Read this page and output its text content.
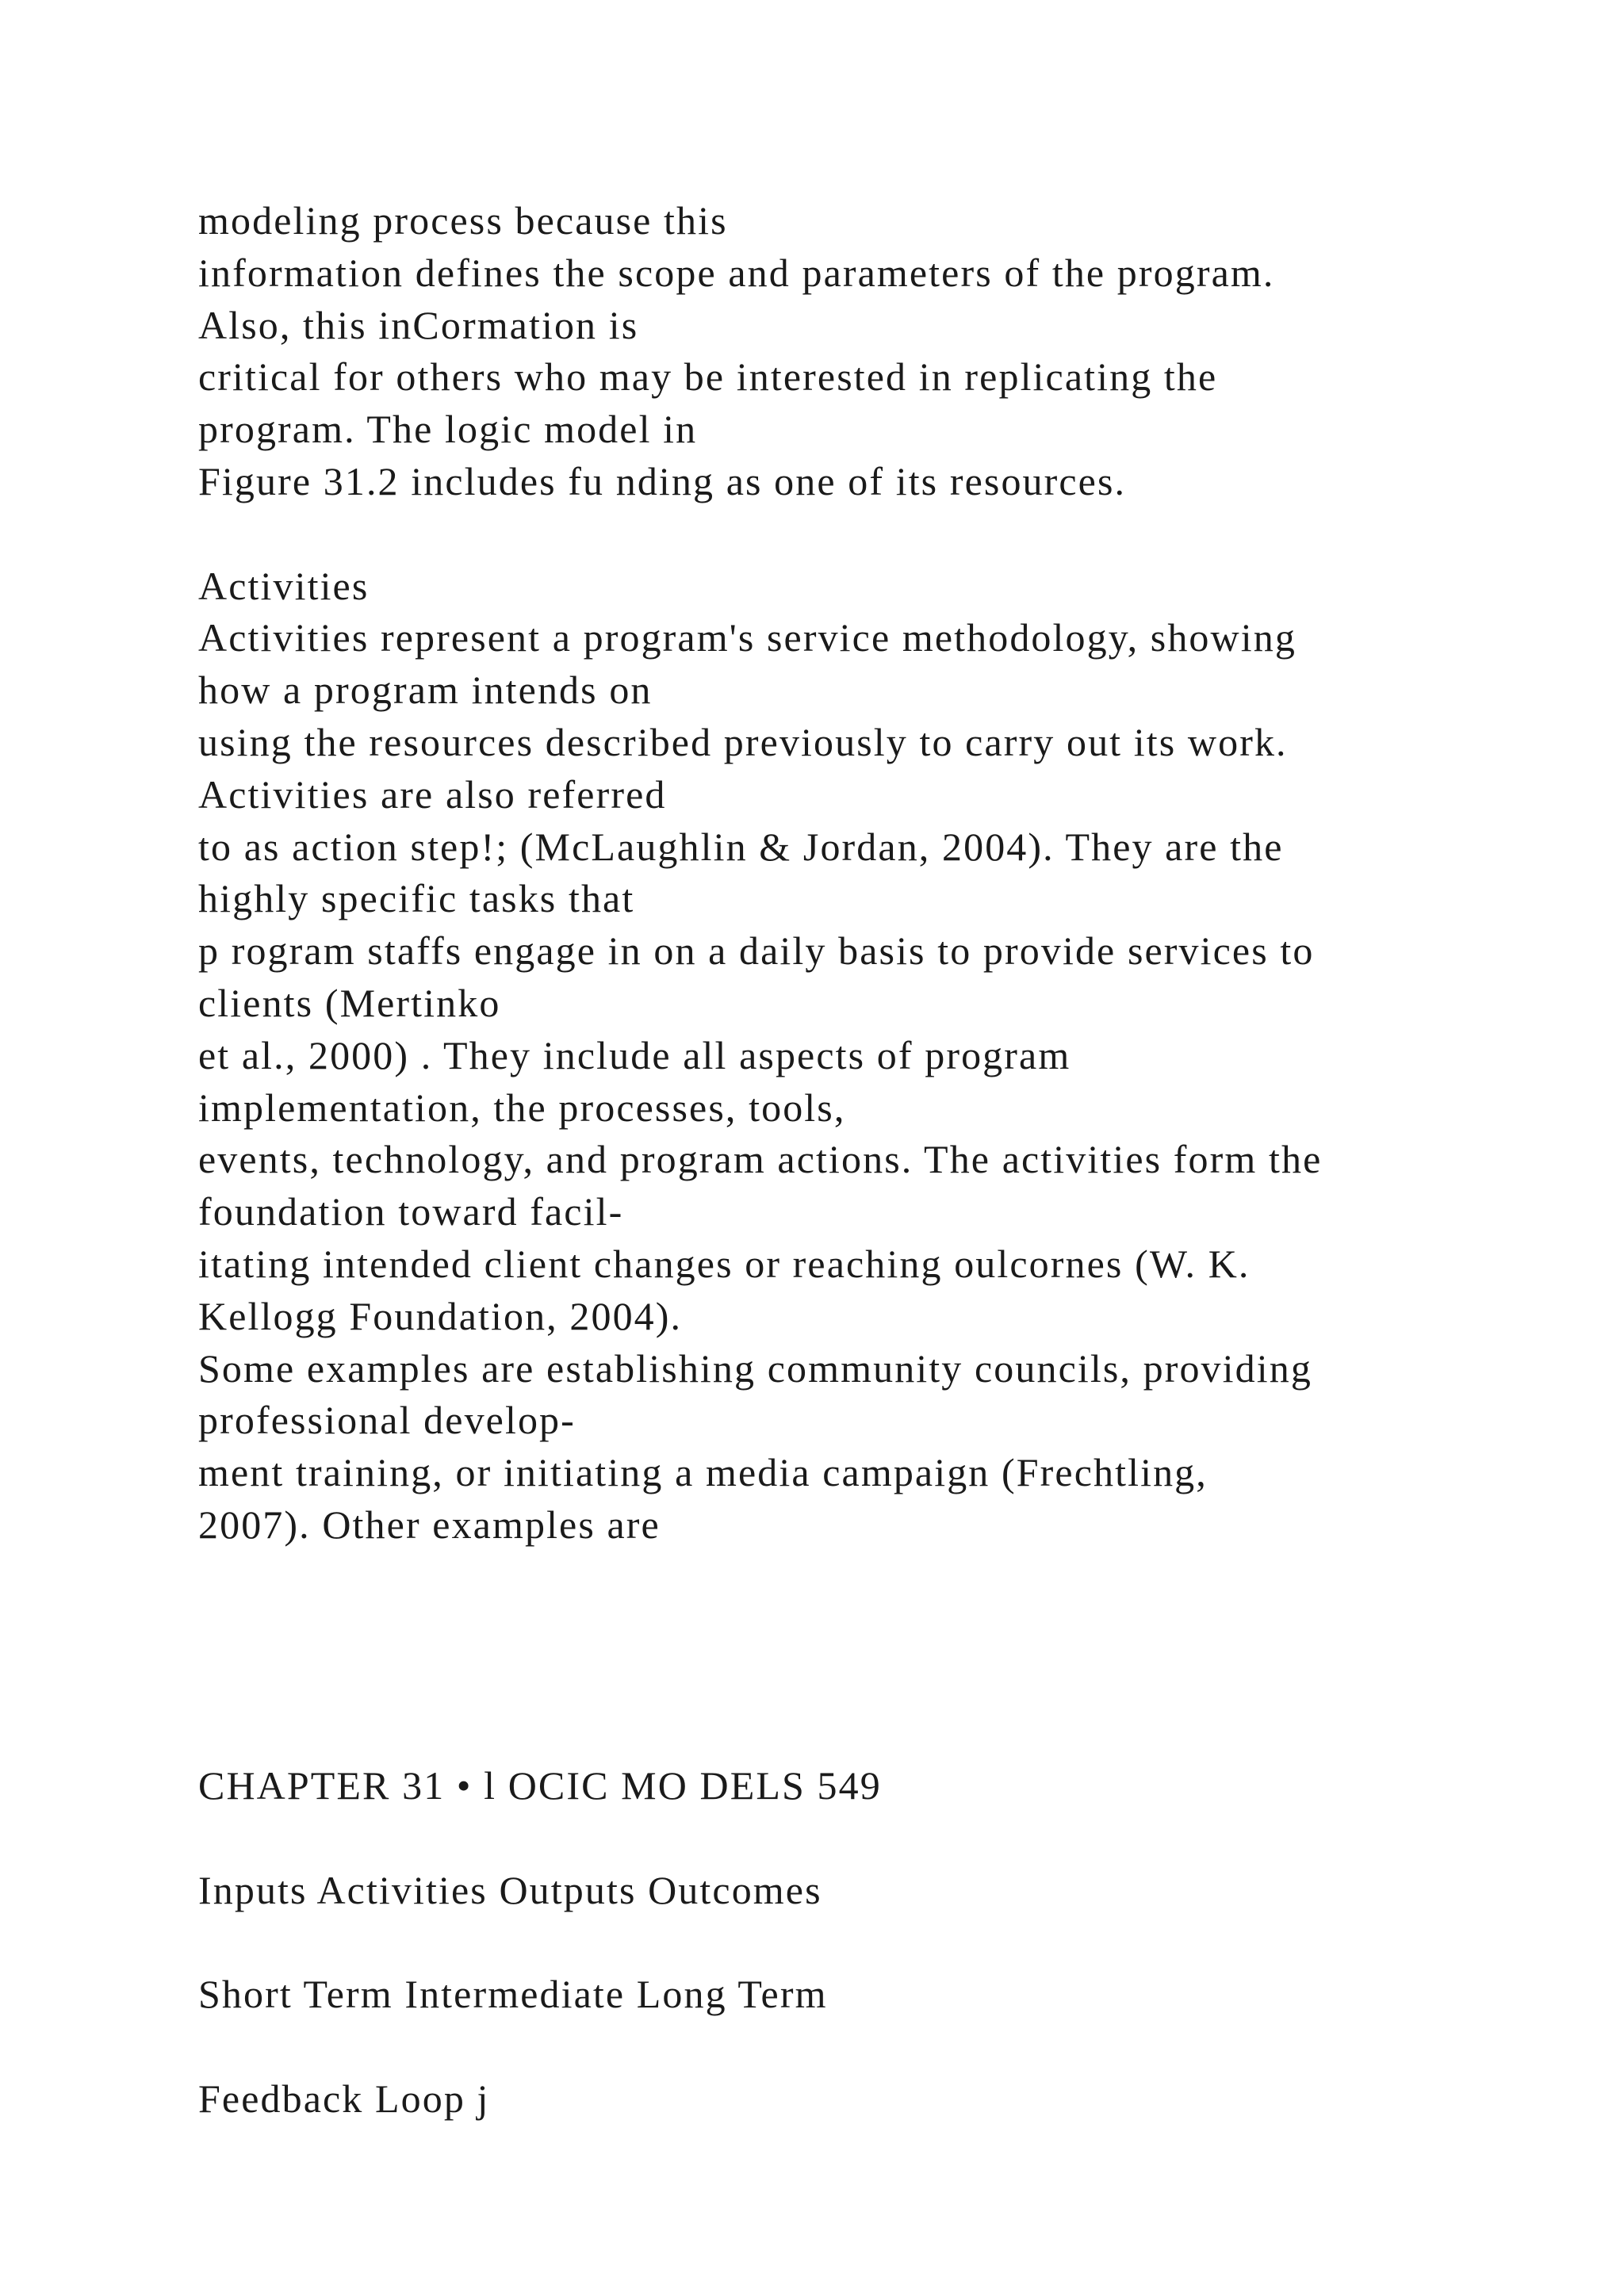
modeling process because this
information defines the scope and parameters of the program.
Also, this inCormation is
critical for others who may be interested in replicating the
program. The logic model in
Figure 31.2 includes fu nding as one of its resources.
Activities
Activities represent a program's service methodology, showing
how a program intends on
using the resources described previously to carry out its work.
Activities are also referred
to as action step!; (McLaughlin & Jordan, 2004). They are the
highly specific tasks that
p rogram staffs engage in on a daily basis to provide services to
clients (Mertinko
et al., 2000) . They include all aspects of program
implementation, the processes, tools,
events, technology, and program actions. The activities form the
foundation toward facil-
itating intended client changes or reaching oulcornes (W. K.
Kellogg Foundation, 2004).
Some examples are establishing community councils, providing
professional develop-
ment training, or initiating a media campaign (Frechtling,
2007). Other examples are
CHAPTER 31 • l OCIC MO DELS 549
Inputs Activities Outputs Outcomes
Short Term Intermediate Long Term
Feedback Loop j
